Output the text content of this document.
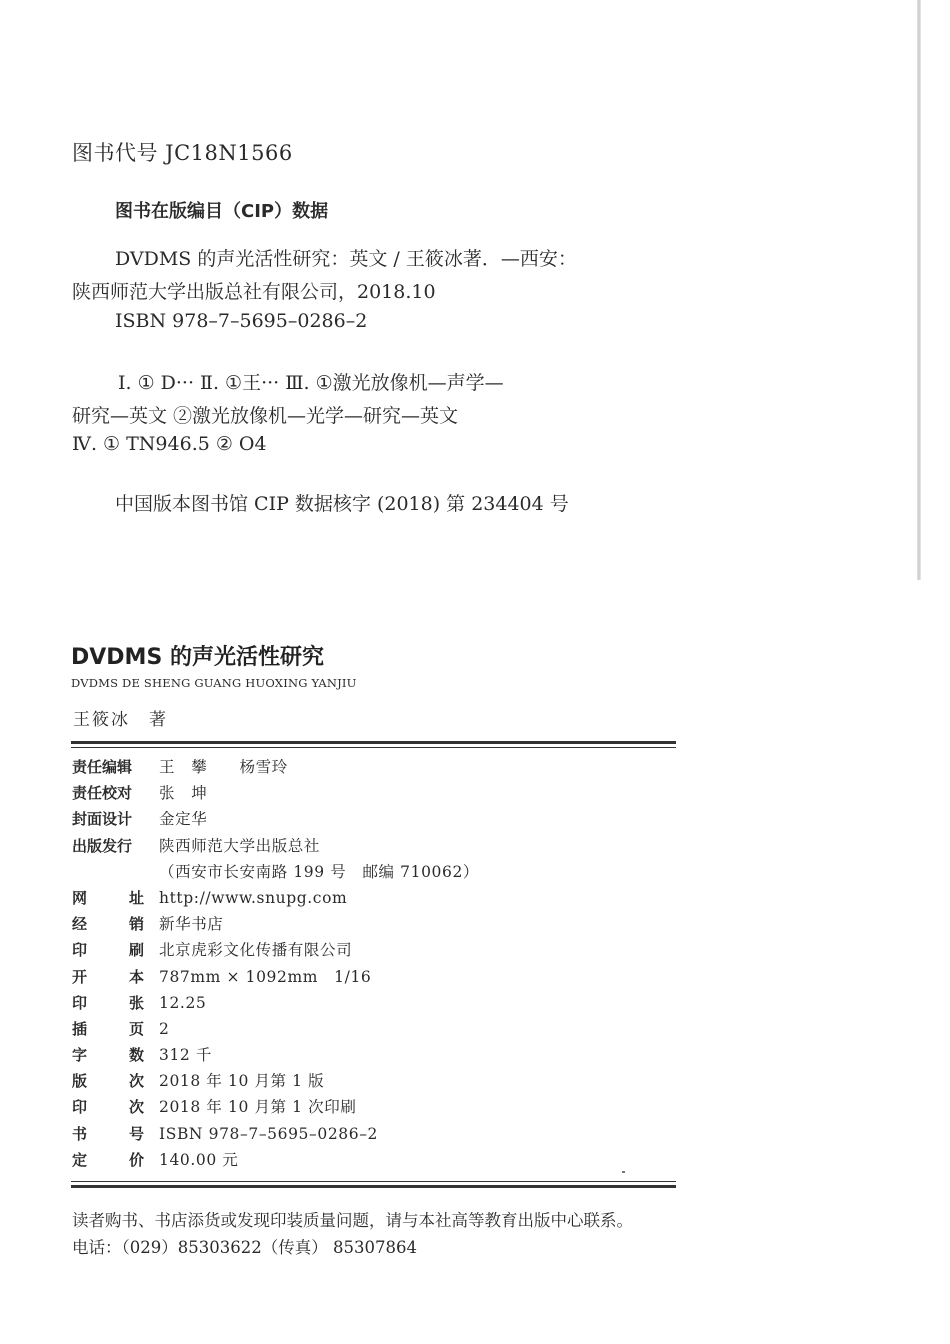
图书代号 JC18N1566
图书在版编目（CIP）数据
DVDMS 的声光活性研究：英文 / 王筱冰著．—西安：
陕西师范大学出版总社有限公司，2018.10
ISBN 978–7–5695–0286–2
Ⅰ. ① D··· Ⅱ. ①王··· Ⅲ. ①激光放像机—声学—
研究—英文 ②激光放像机—光学—研究—英文
Ⅳ. ① TN946.5 ② O4
中国版本图书馆 CIP 数据核字 (2018) 第 234404 号
DVDMS 的声光活性研究
DVDMS DE SHENG GUANG HUOXING YANJIU
王筱冰　著
责任编辑	王　攀　　杨雪玲
责任校对	张　坤
封面设计	金定华
出版发行	陕西师范大学出版总社
（西安市长安南路 199 号　邮编 710062）
网址 http://www.snupg.com
经销 新华书店
印刷 北京虎彩文化传播有限公司
开本 787mm × 1092mm　1/16
印张 12.25
插页 2
字数 312 千
版次 2018 年 10 月第 1 版
印次 2018 年 10 月第 1 次印刷
书号 ISBN 978–7–5695–0286–2
定价 140.00 元
读者购书、书店添货或发现印装质量问题，请与本社高等教育出版中心联系。
电话：（029）85303622（传真） 85307864
